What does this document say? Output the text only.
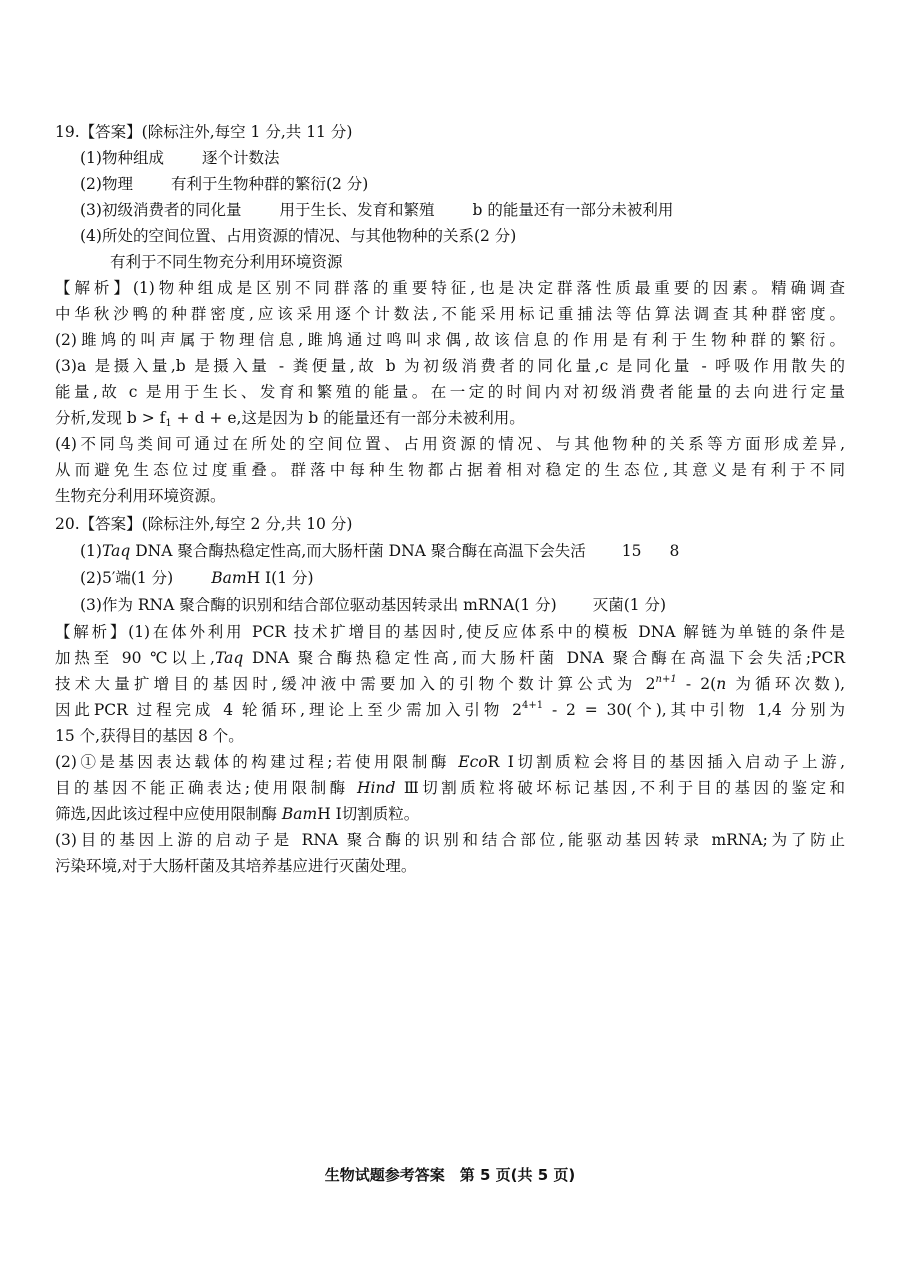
19.【答案】(除标注外,每空 1 分,共 11 分)
(1)物种组成 逐个计数法
(2)物理 有利于生物种群的繁衍(2 分)
(3)初级消费者的同化量 用于生长、发育和繁殖 b 的能量还有一部分未被利用
(4)所处的空间位置、占用资源的情况、与其他物种的关系(2 分)
有利于不同生物充分利用环境资源
【解析】(1)物种组成是区别不同群落的重要特征,也是决定群落性质最重要的因素。精确调查
中华秋沙鸭的种群密度,应该采用逐个计数法,不能采用标记重捕法等估算法调查其种群密度。
(2)雎鸠的叫声属于物理信息,雎鸠通过鸣叫求偶,故该信息的作用是有利于生物种群的繁衍。
(3)a 是摄入量,b 是摄入量 - 粪便量,故 b 为初级消费者的同化量,c 是同化量 - 呼吸作用散失的
能量,故 c 是用于生长、发育和繁殖的能量。在一定的时间内对初级消费者能量的去向进行定量
分析,发现 $b > f_1 + d + e$,这是因为 b 的能量还有一部分未被利用。
(4)不同鸟类间可通过在所处的空间位置、占用资源的情况、与其他物种的关系等方面形成差异,
从而避免生态位过度重叠。群落中每种生物都占据着相对稳定的生态位,其意义是有利于不同
生物充分利用环境资源。
20.【答案】(除标注外,每空 2 分,共 10 分)
(1)Taq DNA 聚合酶热稳定性高,而大肠杆菌 DNA 聚合酶在高温下会失活 15 8
(2)5′端(1 分) BamH Ⅰ(1 分)
(3)作为 RNA 聚合酶的识别和结合部位驱动基因转录出 mRNA(1 分) 灭菌(1 分)
【解析】(1)在体外利用 PCR 技术扩增目的基因时,使反应体系中的模板 DNA 解链为单链的条件是
加热至 90 ℃以上,Taq DNA 聚合酶热稳定性高,而大肠杆菌 DNA 聚合酶在高温下会失活;PCR
技术大量扩增目的基因时,缓冲液中需要加入的引物个数计算公式为 $2^{n+1} - 2(n$ 为循环次数),
因此PCR 过程完成 4 轮循环,理论上至少需加入引物 $2^{4+1} - 2 = 30$(个),其中引物 1,4 分别为
15 个,获得目的基因 8 个。
(2)①是基因表达载体的构建过程;若使用限制酶 EcoR Ⅰ切割质粒会将目的基因插入启动子上游,
目的基因不能正确表达;使用限制酶 Hind Ⅲ切割质粒将破坏标记基因,不利于目的基因的鉴定和
筛选,因此该过程中应使用限制酶 BamH Ⅰ切割质粒。
(3)目的基因上游的启动子是 RNA 聚合酶的识别和结合部位,能驱动基因转录 mRNA;为了防止
污染环境,对于大肠杆菌及其培养基应进行灭菌处理。
生物试题参考答案　第 5 页(共 5 页)
